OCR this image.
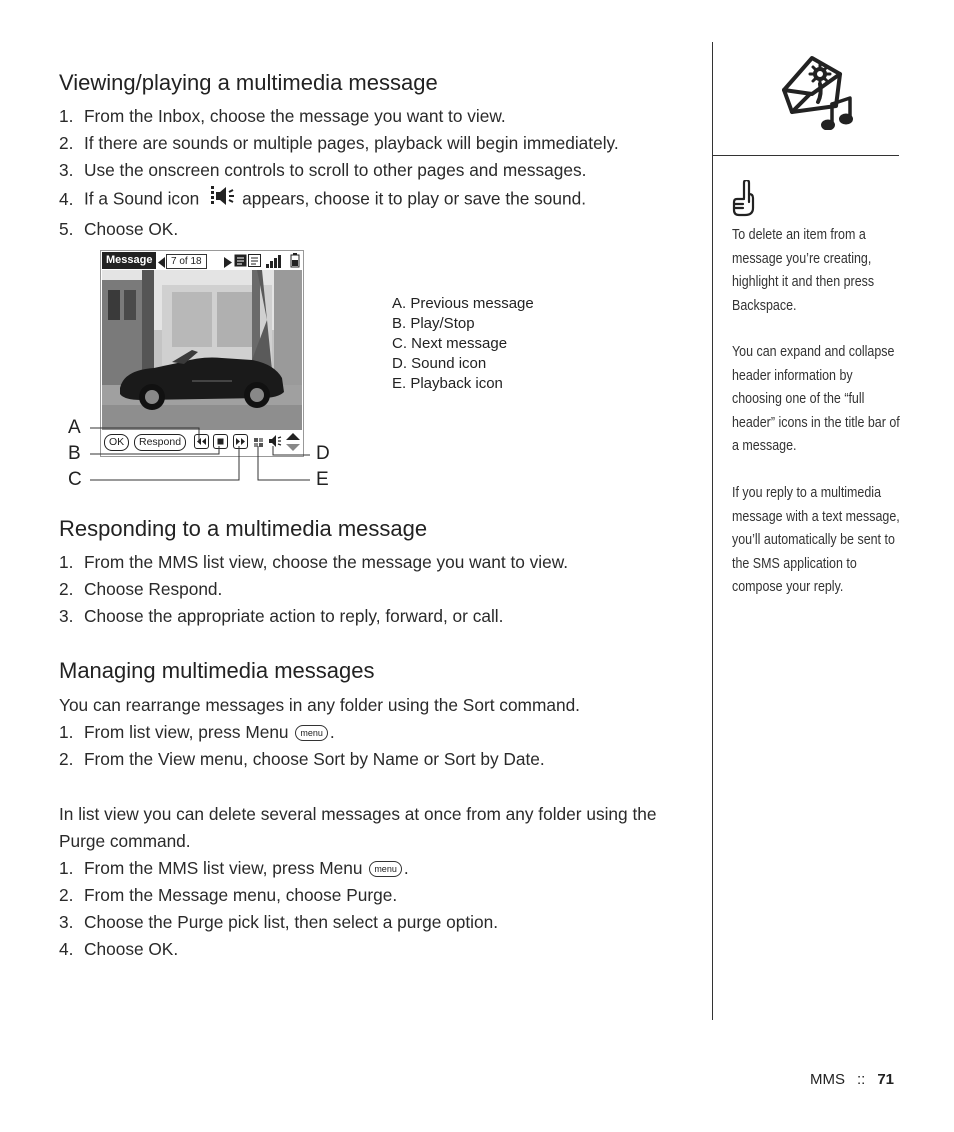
Viewing/playing a multimedia message
1. From the Inbox, choose the message you want to view.
2. If there are sounds or multiple pages, playback will begin immediately.
3. Use the onscreen controls to scroll to other pages and messages.
4. If a Sound icon appears, choose it to play or save the sound.
5. Choose OK.
Message	7 of 18
OK	Respond
A
B
C
D
E
A. Previous message
B. Play/Stop
C. Next message
D. Sound icon
E. Playback icon
Responding to a multimedia message
1. From the MMS list view, choose the message you want to view.
2. Choose Respond.
3. Choose the appropriate action to reply, forward, or call.
Managing multimedia messages

You can rearrange messages in any folder using the Sort command.

1. From list view, press Menu menu .
2. From the View menu, choose Sort by Name or Sort by Date.

In list view you can delete several messages at once from any folder using the Purge command.

1. From the MMS list view, press Menu menu .
2. From the Message menu, choose Purge.
3. Choose the Purge pick list, then select a purge option.
4. Choose OK.

To delete an item from a message you’re creating, highlight it and then press Backspace.

You can expand and collapse header information by choosing one of the “full header” icons in the title bar of a message.

If you reply to a multimedia message with a text message, you’ll automatically be sent to the SMS application to compose your reply.

MMS :: 71
